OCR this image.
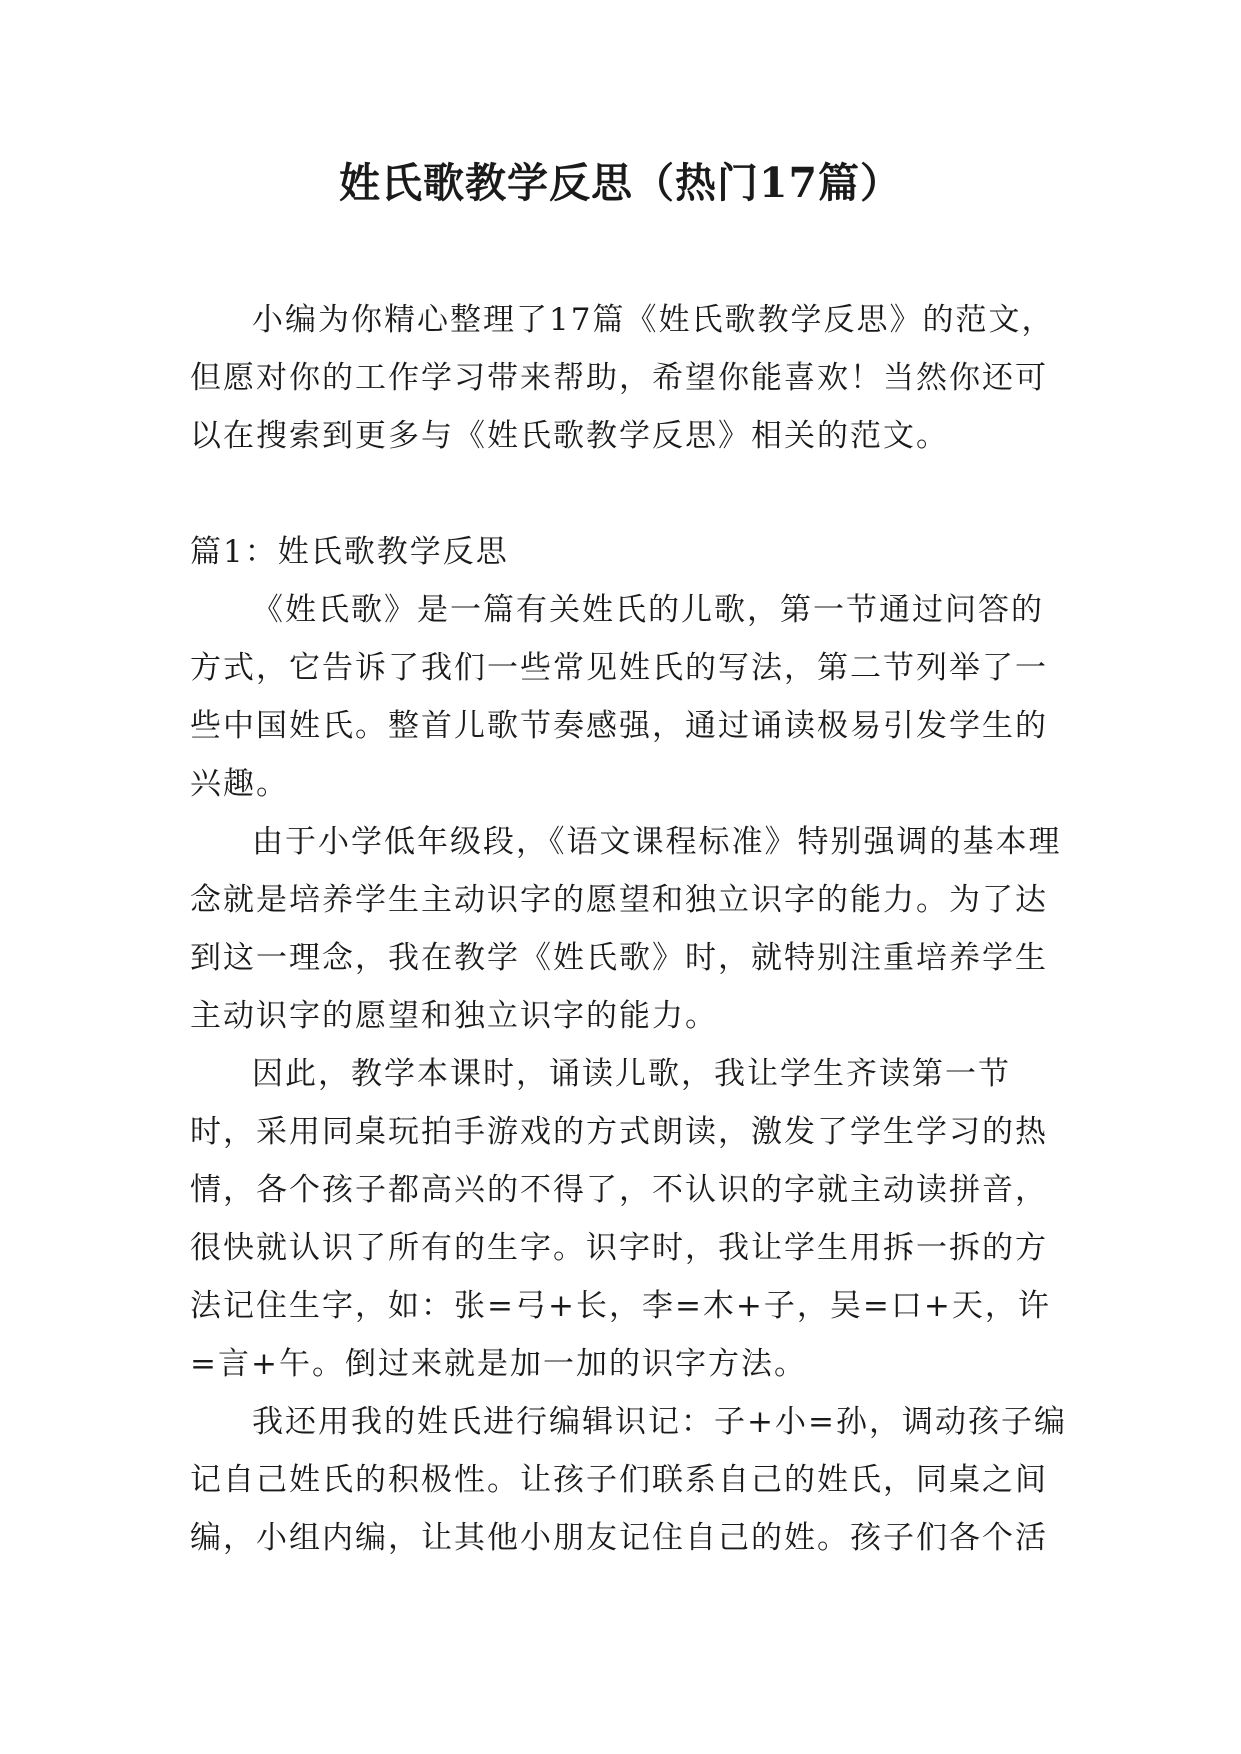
姓氏歌教学反思（热门17篇）

小编为你精心整理了17篇《姓氏歌教学反思》的范文，但愿对你的工作学习带来帮助，希望你能喜欢！当然你还可以在搜索到更多与《姓氏歌教学反思》相关的范文。

篇1：姓氏歌教学反思

《姓氏歌》是一篇有关姓氏的儿歌，第一节通过问答的方式，它告诉了我们一些常见姓氏的写法，第二节列举了一些中国姓氏。整首儿歌节奏感强，通过诵读极易引发学生的兴趣。

由于小学低年级段，《语文课程标准》特别强调的基本理念就是培养学生主动识字的愿望和独立识字的能力。为了达到这一理念，我在教学《姓氏歌》时，就特别注重培养学生主动识字的愿望和独立识字的能力。

因此，教学本课时，诵读儿歌，我让学生齐读第一节时，采用同桌玩拍手游戏的方式朗读，激发了学生学习的热情，各个孩子都高兴的不得了，不认识的字就主动读拼音，很快就认识了所有的生字。识字时，我让学生用拆一拆的方法记住生字，如：张=弓+长，李=木+子，吴=口+天，许=言+午。倒过来就是加一加的识字方法。

我还用我的姓氏进行编辑识记：子+小=孙，调动孩子编记自己姓氏的积极性。让孩子们联系自己的姓氏，同桌之间编，小组内编，让其他小朋友记住自己的姓。孩子们各个活
